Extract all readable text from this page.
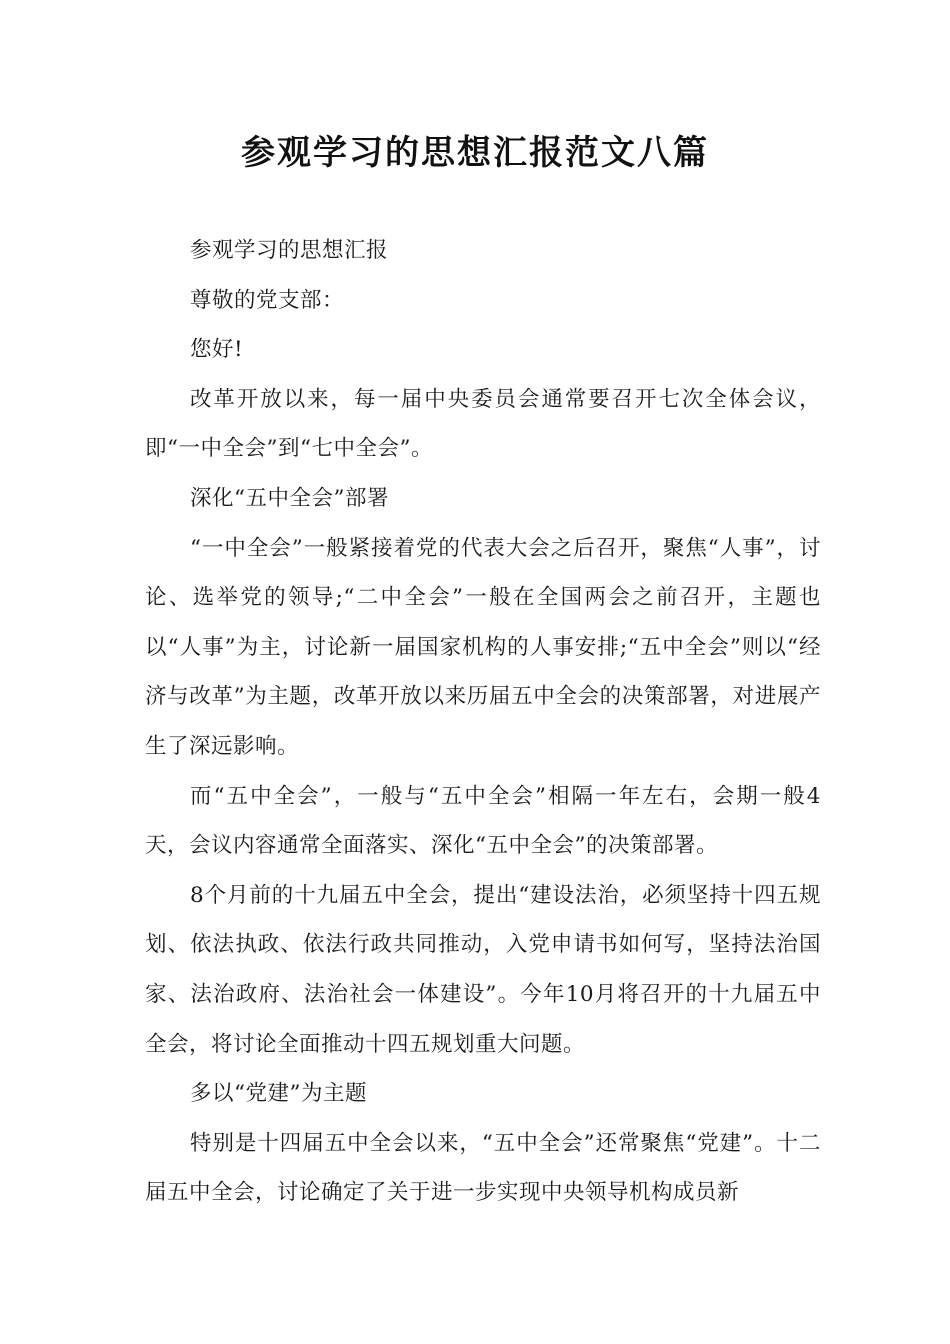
参观学习的思想汇报范文八篇

参观学习的思想汇报

尊敬的党支部：

您好!

改革开放以来，每一届中央委员会通常要召开七次全体会议，即“一中全会”到“七中全会”。

深化“五中全会”部署

“一中全会”一般紧接着党的代表大会之后召开，聚焦“人事”，讨论、选举党的领导;“二中全会”一般在全国两会之前召开，主题也以“人事”为主，讨论新一届国家机构的人事安排;“五中全会”则以“经济与改革”为主题，改革开放以来历届五中全会的决策部署，对进展产生了深远影响。

而“五中全会”，一般与“五中全会”相隔一年左右，会期一般4天，会议内容通常全面落实、深化“五中全会”的决策部署。

8个月前的十九届五中全会，提出“建设法治，必须坚持十四五规划、依法执政、依法行政共同推动，入党申请书如何写，坚持法治国家、法治政府、法治社会一体建设”。今年10月将召开的十九届五中全会，将讨论全面推动十四五规划重大问题。

多以“党建”为主题

特别是十四届五中全会以来，“五中全会”还常聚焦“党建”。十二届五中全会，讨论确定了关于进一步实现中央领导机构成员新
